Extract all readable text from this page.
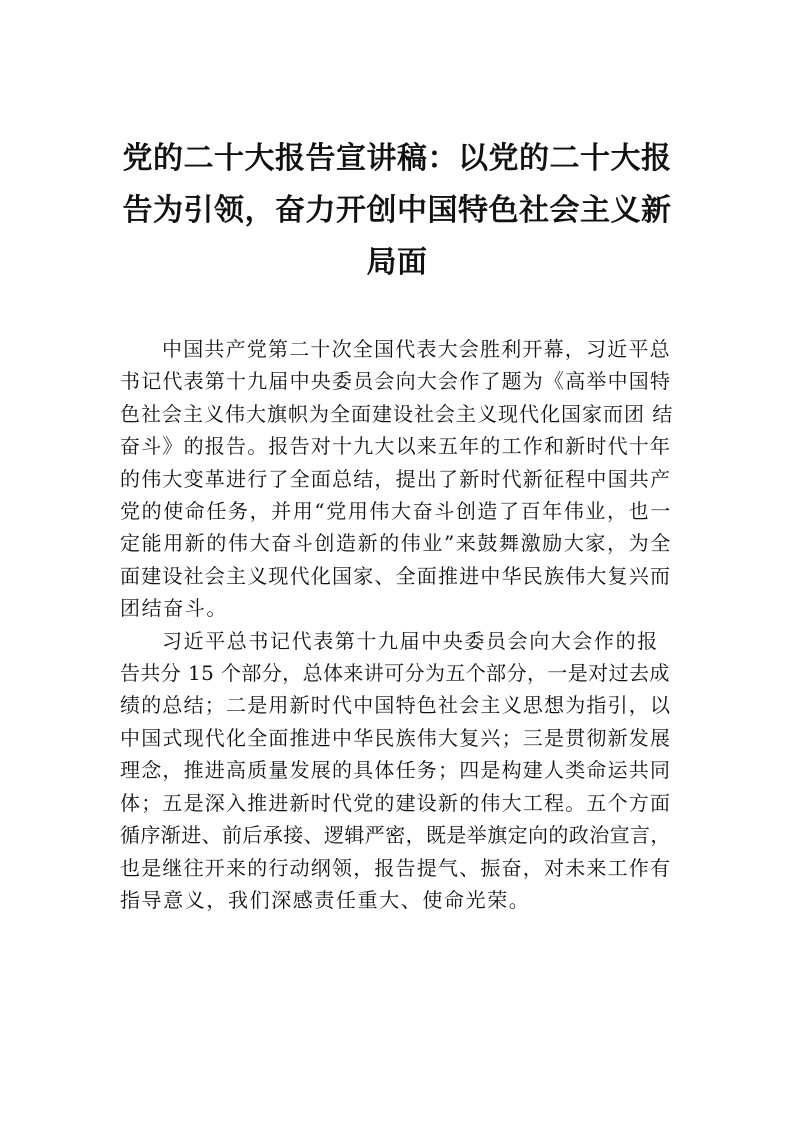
党的二十大报告宣讲稿：以党的二十大报
告为引领，奋力开创中国特色社会主义新
局面
中国共产党第二十次全国代表大会胜利开幕，习近平总
书记代表第十九届中央委员会向大会作了题为《高举中国特
色社会主义伟大旗帜为全面建设社会主义现代化国家而团 结
奋斗》的报告。报告对十九大以来五年的工作和新时代十年
的伟大变革进行了全面总结，提出了新时代新征程中国共产
党的使命任务，并用“党用伟大奋斗创造了百年伟业，也一
定能用新的伟大奋斗创造新的伟业”来鼓舞激励大家，为全
面建设社会主义现代化国家、全面推进中华民族伟大复兴而
团结奋斗。
习近平总书记代表第十九届中央委员会向大会作的报
告共分 15 个部分，总体来讲可分为五个部分，一是对过去成
绩的总结；二是用新时代中国特色社会主义思想为指引，以
中国式现代化全面推进中华民族伟大复兴；三是贯彻新发展
理念，推进高质量发展的具体任务；四是构建人类命运共同
体；五是深入推进新时代党的建设新的伟大工程。五个方面
循序渐进、前后承接、逻辑严密，既是举旗定向的政治宣言，
也是继往开来的行动纲领，报告提气、振奋，对未来工作有
指导意义，我们深感责任重大、使命光荣。
